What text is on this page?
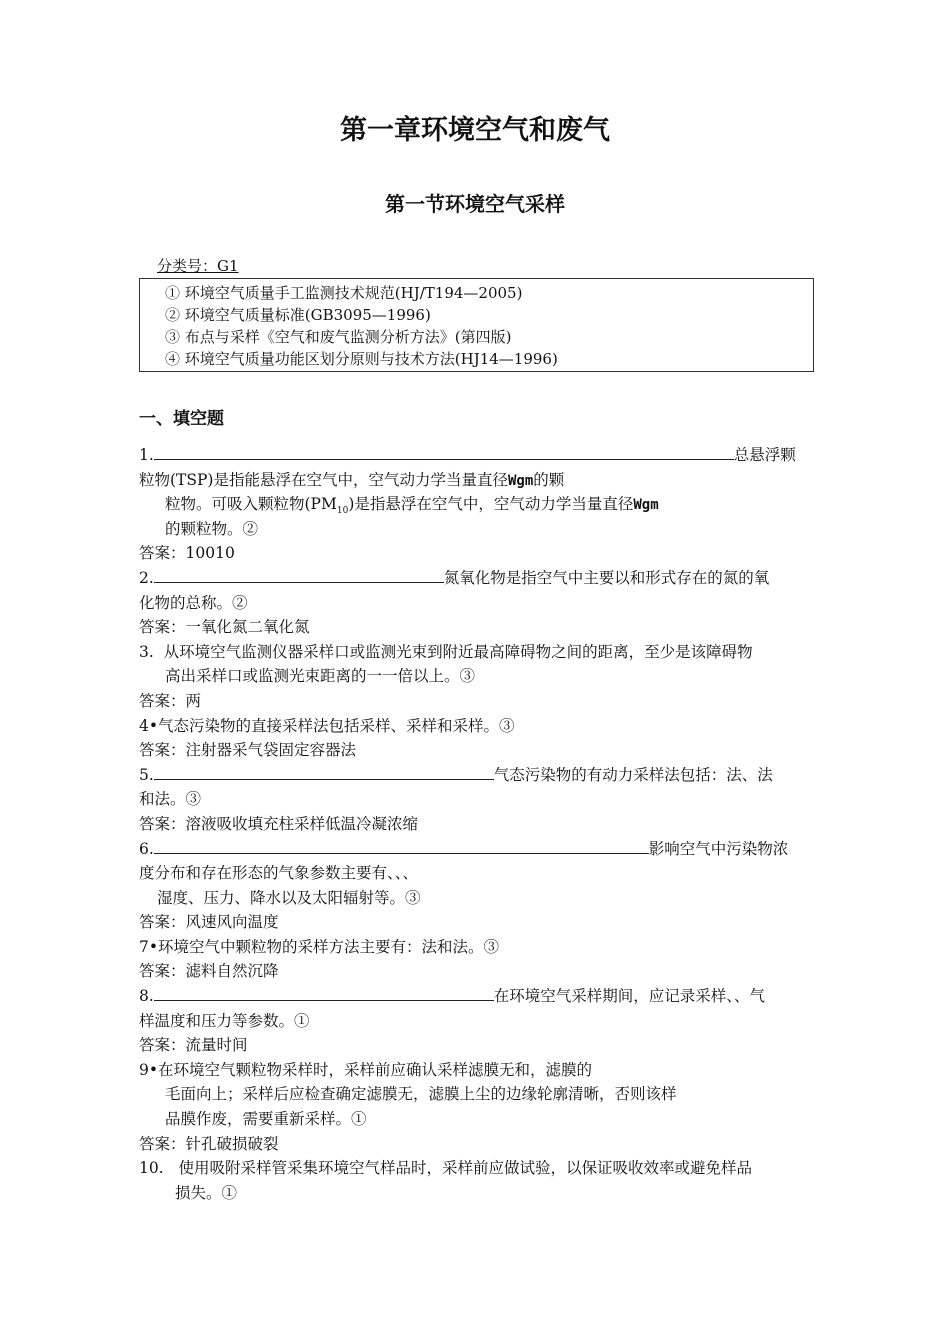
第一章环境空气和废气
第一节环境空气采样
分类号：G1
① 环境空气质量手工监测技术规范(HJ/T194—2005)
② 环境空气质量标准(GB3095—1996)
③ 布点与采样《空气和废气监测分析方法》(第四版)
④ 环境空气质量功能区划分原则与技术方法(HJ14—1996)
一、填空题
1.	总悬浮颗
粒物(TSP)是指能悬浮在空气中，空气动力学当量直径Wgm的颗
粒物。可吸入颗粒物$(PM_{10})$是指悬浮在空气中，空气动力学当量直径Wgm
的颗粒物。②
答案：10010
2.	氮氧化物是指空气中主要以和形式存在的氮的氧
化物的总称。②
答案：一氧化氮二氧化氮
3. 从环境空气监测仪器采样口或监测光束到附近最高障碍物之间的距离，至少是该障碍物
高出采样口或监测光束距离的一一倍以上。③
答案：两
4•气态污染物的直接采样法包括采样、采样和采样。③
答案：注射器采气袋固定容器法
5.	气态污染物的有动力采样法包括：法、法
和法。③
答案：溶液吸收填充柱采样低温冷凝浓缩
6.	影响空气中污染物浓
度分布和存在形态的气象参数主要有、、、
湿度、压力、降水以及太阳辐射等。③
答案：风速风向温度
7•环境空气中颗粒物的采样方法主要有：法和法。③
答案：滤料自然沉降
8.	在环境空气采样期间，应记录采样、、气
样温度和压力等参数。①
答案：流量时间
9•在环境空气颗粒物采样时，采样前应确认采样滤膜无和，滤膜的
毛面向上；采样后应检查确定滤膜无，滤膜上尘的边缘轮廓清晰，否则该样
品膜作废，需要重新采样。①
答案：针孔破损破裂
10. 使用吸附采样管采集环境空气样品时，采样前应做试验，以保证吸收效率或避免样品
损失。①
